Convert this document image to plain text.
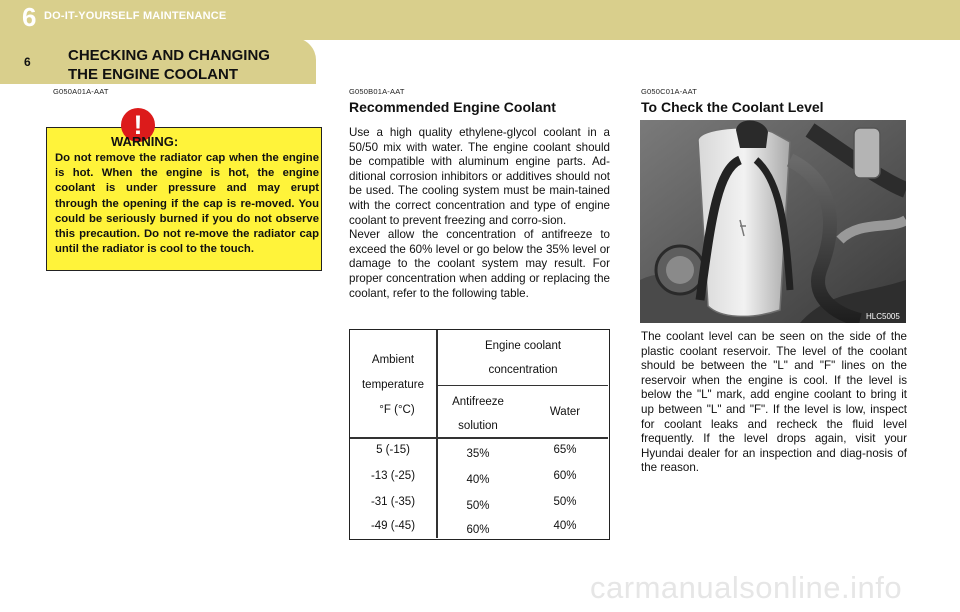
6 DO-IT-YOURSELF MAINTENANCE
6 CHECKING AND CHANGING
THE ENGINE COOLANT
G050A01A-AAT
!
WARNING:
Do not remove the radiator cap when the engine is hot. When the engine is hot, the engine coolant is under pressure and may erupt through the opening if the cap is re-moved. You could be seriously burned if you do not observe this precaution. Do not re-move the radiator cap until the radiator is cool to the touch.
G050B01A-AAT
Recommended Engine Coolant

Use a high quality ethylene-glycol coolant in a 50/50 mix with water. The engine coolant should be compatible with aluminum engine parts. Ad-ditional corrosion inhibitors or additives should not be used. The cooling system must be main-tained with the correct concentration and type of engine coolant to prevent freezing and corro-sion.

Never allow the concentration of antifreeze to exceed the 60% level or go below the 35% level or damage to the coolant system may result. For proper concentration when adding or replacing the coolant, refer to the following table.

Ambient
temperature
°F (°C)
Engine coolant
concentration
Antifreeze
solution
Water
5 (-15)	35%	65%
-13 (-25)	40%	60%
-31 (-35)	50%	50%
-49 (-45)	60%	40%
G050C01A-AAT
To Check the Coolant Level
HLC5005
The coolant level can be seen on the side of the plastic coolant reservoir. The level of the coolant should be between the "L" and "F" lines on the reservoir when the engine is cool. If the level is below the "L" mark, add engine coolant to bring it up between "L" and "F". If the level is low, inspect for coolant leaks and recheck the fluid level frequently. If the level drops again, visit your Hyundai dealer for an inspection and diag-nosis of the reason.
carmanualsonline.info
